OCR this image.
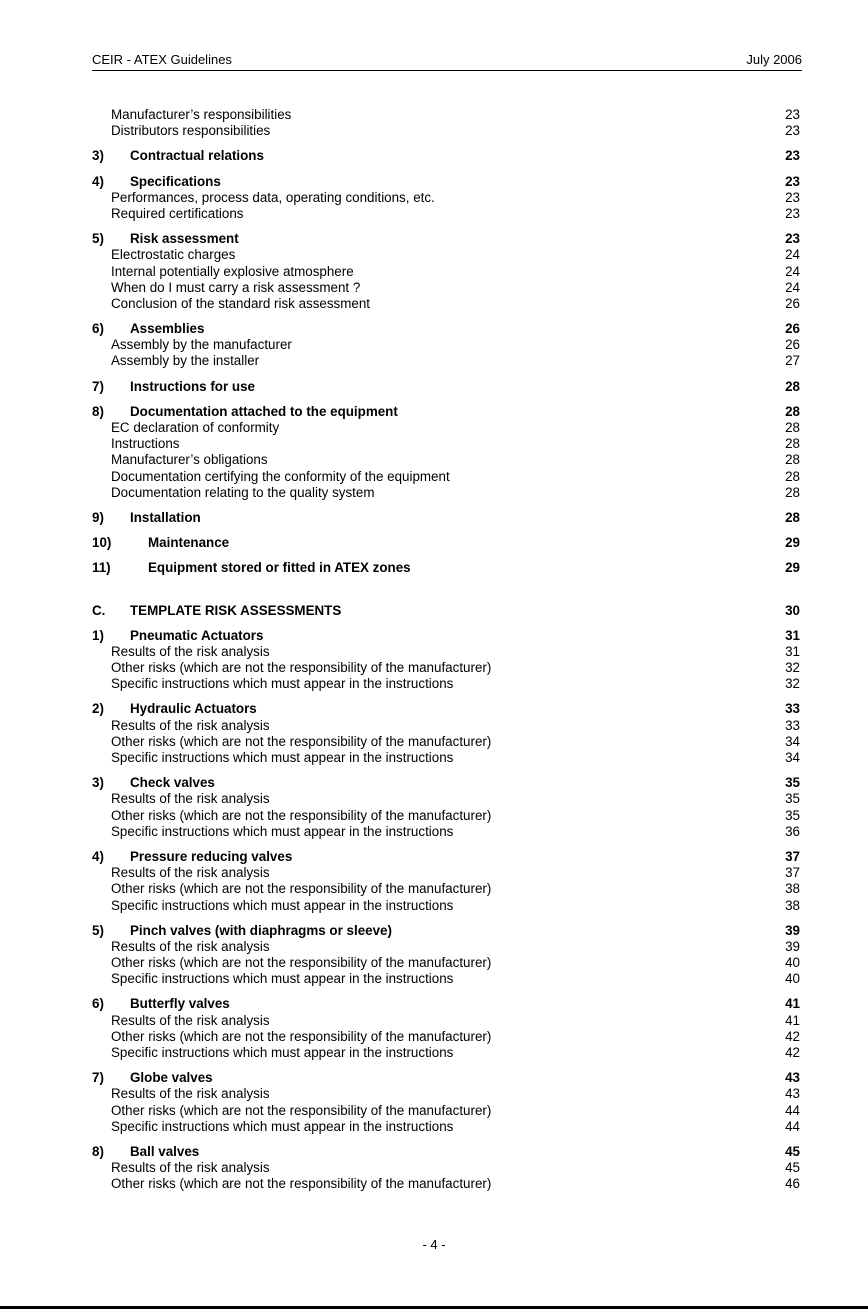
CEIR - ATEX Guidelines	July 2006
Manufacturer’s responsibilities	23
Distributors responsibilities	23
3) Contractual relations	23
4) Specifications	23
Performances, process data, operating conditions, etc.	23
Required certifications	23
5) Risk assessment	23
Electrostatic charges	24
Internal potentially explosive atmosphere	24
When do I must carry a risk assessment ?	24
Conclusion of the standard risk assessment	26
6) Assemblies	26
Assembly by the manufacturer	26
Assembly by the installer	27
7) Instructions for use	28
8) Documentation attached to the equipment	28
EC declaration of conformity	28
Instructions	28
Manufacturer’s obligations	28
Documentation certifying the conformity of the equipment	28
Documentation relating to the quality system	28
9) Installation	28
10)	Maintenance	29
11)	Equipment stored or fitted in ATEX zones	29
C. TEMPLATE RISK ASSESSMENTS	30
1) Pneumatic Actuators	31
Results of the risk analysis	31
Other risks (which are not the responsibility of the manufacturer)	32
Specific instructions which must appear in the instructions	32
2) Hydraulic Actuators	33
Results of the risk analysis	33
Other risks (which are not the responsibility of the manufacturer)	34
Specific instructions which must appear in the instructions	34
3) Check valves	35
Results of the risk analysis	35
Other risks (which are not the responsibility of the manufacturer)	35
Specific instructions which must appear in the instructions	36
4) Pressure reducing valves	37
Results of the risk analysis	37
Other risks (which are not the responsibility of the manufacturer)	38
Specific instructions which must appear in the instructions	38
5) Pinch valves (with diaphragms or sleeve)	39
Results of the risk analysis	39
Other risks (which are not the responsibility of the manufacturer)	40
Specific instructions which must appear in the instructions	40
6) Butterfly valves	41
Results of the risk analysis	41
Other risks (which are not the responsibility of the manufacturer)	42
Specific instructions which must appear in the instructions	42
7) Globe valves	43
Results of the risk analysis	43
Other risks (which are not the responsibility of the manufacturer)	44
Specific instructions which must appear in the instructions	44
8) Ball valves	45
Results of the risk analysis	45
Other risks (which are not the responsibility of the manufacturer)	46
- 4 -
